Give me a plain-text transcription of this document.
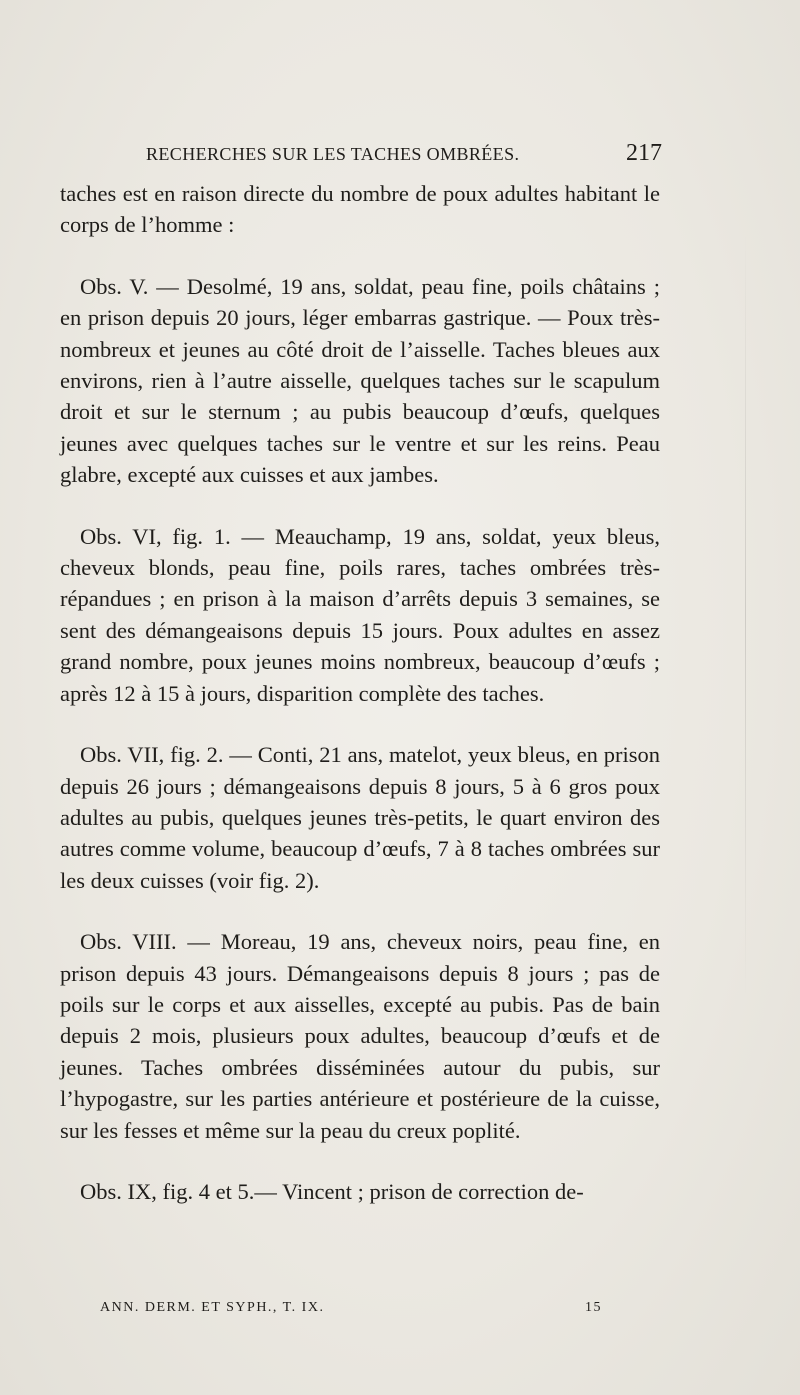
RECHERCHES SUR LES TACHES OMBRÉES.	217

taches est en raison directe du nombre de poux adultes habitant le corps de l’homme :

Obs. V. — Desolmé, 19 ans, soldat, peau fine, poils châtains ; en prison depuis 20 jours, léger embarras gastrique. — Poux très-nombreux et jeunes au côté droit de l’aisselle. Taches bleues aux environs, rien à l’autre aisselle, quelques taches sur le scapulum droit et sur le sternum ; au pubis beaucoup d’œufs, quelques jeunes avec quelques taches sur le ventre et sur les reins. Peau glabre, excepté aux cuisses et aux jambes.

Obs. VI, fig. 1. — Meauchamp, 19 ans, soldat, yeux bleus, cheveux blonds, peau fine, poils rares, taches ombrées très-répandues ; en prison à la maison d’arrêts depuis 3 semaines, se sent des démangeaisons depuis 15 jours. Poux adultes en assez grand nombre, poux jeunes moins nombreux, beaucoup d’œufs ; après 12 à 15 à jours, disparition complète des taches.

Obs. VII, fig. 2. — Conti, 21 ans, matelot, yeux bleus, en prison depuis 26 jours ; démangeaisons depuis 8 jours, 5 à 6 gros poux adultes au pubis, quelques jeunes très-petits, le quart environ des autres comme volume, beaucoup d’œufs, 7 à 8 taches ombrées sur les deux cuisses (voir fig. 2).

Obs. VIII. — Moreau, 19 ans, cheveux noirs, peau fine, en prison depuis 43 jours. Démangeaisons depuis 8 jours ; pas de poils sur le corps et aux aisselles, excepté au pubis. Pas de bain depuis 2 mois, plusieurs poux adultes, beaucoup d’œufs et de jeunes. Taches ombrées disséminées autour du pubis, sur l’hypogastre, sur les parties antérieure et postérieure de la cuisse, sur les fesses et même sur la peau du creux poplité.

Obs. IX, fig. 4 et 5.— Vincent ; prison de correction de-

ANN. DERM. ET SYPH., T. IX.	15
